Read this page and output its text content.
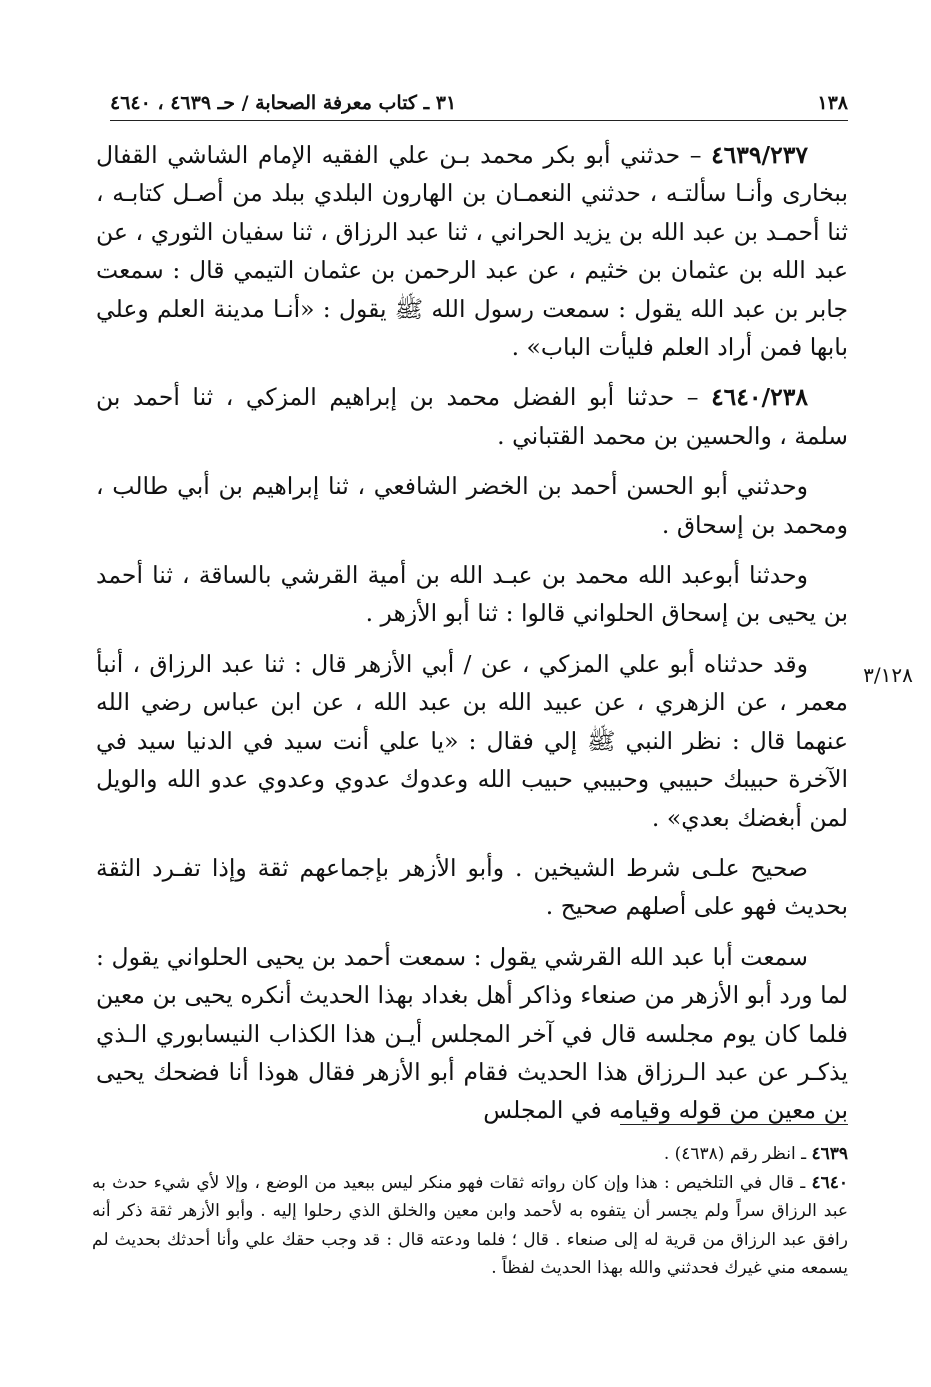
١٣٨
٣١ ـ كتاب معرفة الصحابة / حـ ٤٦٣٩ ، ٤٦٤٠
٣/١٢٨

٤٦٣٩/٢٣٧ – حدثني أبو بكر محمد بـن علي الفقيه الإمام الشاشي القفال ببخارى وأنـا سألتـه ، حدثني النعمـان بن الهارون البلدي ببلد من أصـل كتابـه ، ثنا أحمـد بن عبد الله بن يزيد الحراني ، ثنا عبد الرزاق ، ثنا سفيان الثوري ، عن عبد الله بن عثمان بن خثيم ، عن عبد الرحمن بن عثمان التيمي قال : سمعت جابر بن عبد الله يقول : سمعت رسول الله ﷺ يقول : «أنـا مدينة العلم وعلي بابها فمن أراد العلم فليأت الباب» .

٤٦٤٠/٢٣٨ – حدثنا أبو الفضل محمد بن إبراهيم المزكي ، ثنا أحمد بن سلمة ، والحسين بن محمد القتباني .

وحدثني أبو الحسن أحمد بن الخضر الشافعي ، ثنا إبراهيم بن أبي طالب ، ومحمد بن إسحاق .

وحدثنا أبوعبد الله محمد بن عبـد الله بن أمية القرشي بالساقة ، ثنا أحمد بن يحيى بن إسحاق الحلواني قالوا : ثنا أبو الأزهر .

وقد حدثناه أبو علي المزكي ، عن / أبي الأزهر قال : ثنا عبد الرزاق ، أنبأ معمر ، عن الزهري ، عن عبيد الله بن عبد الله ، عن ابن عباس رضي الله عنهما قال : نظر النبي ﷺ إلي فقال : «يا علي أنت سيد في الدنيا سيد في الآخرة حبيبك حبيبي وحبيبي حبيب الله وعدوك عدوي وعدوي عدو الله والويل لمن أبغضك بعدي» .

صحيح علـى شرط الشيخين . وأبو الأزهر بإجماعهم ثقة وإذا تفـرد الثقة بحديث فهو على أصلهم صحيح .

سمعت أبا عبد الله القرشي يقول : سمعت أحمد بن يحيى الحلواني يقول : لما ورد أبو الأزهر من صنعاء وذاكر أهل بغداد بهذا الحديث أنكره يحيى بن معين فلما كان يوم مجلسه قال في آخر المجلس أيـن هذا الكذاب النيسابوري الـذي يذكـر عن عبد الـرزاق هذا الحديث فقام أبو الأزهر فقال هوذا أنا فضحك يحيى بن معين من قوله وقيامه في المجلس

٤٦٣٩ ـ انظر رقم (٤٦٣٨) .

٤٦٤٠ ـ قال في التلخيص : هذا وإن كان رواته ثقات فهو منكر ليس ببعيد من الوضع ، وإلا لأي شيء حدث به عبد الرزاق سراً ولم يجسر أن يتفوه به لأحمد وابن معين والخلق الذي رحلوا إليه . وأبو الأزهر ثقة ذكر أنه رافق عبد الرزاق من قرية له إلى صنعاء . قال ؛ فلما ودعته قال : قد وجب حقك علي وأنا أحدثك بحديث لم يسمعه مني غيرك فحدثني والله بهذا الحديث لفظاً .
